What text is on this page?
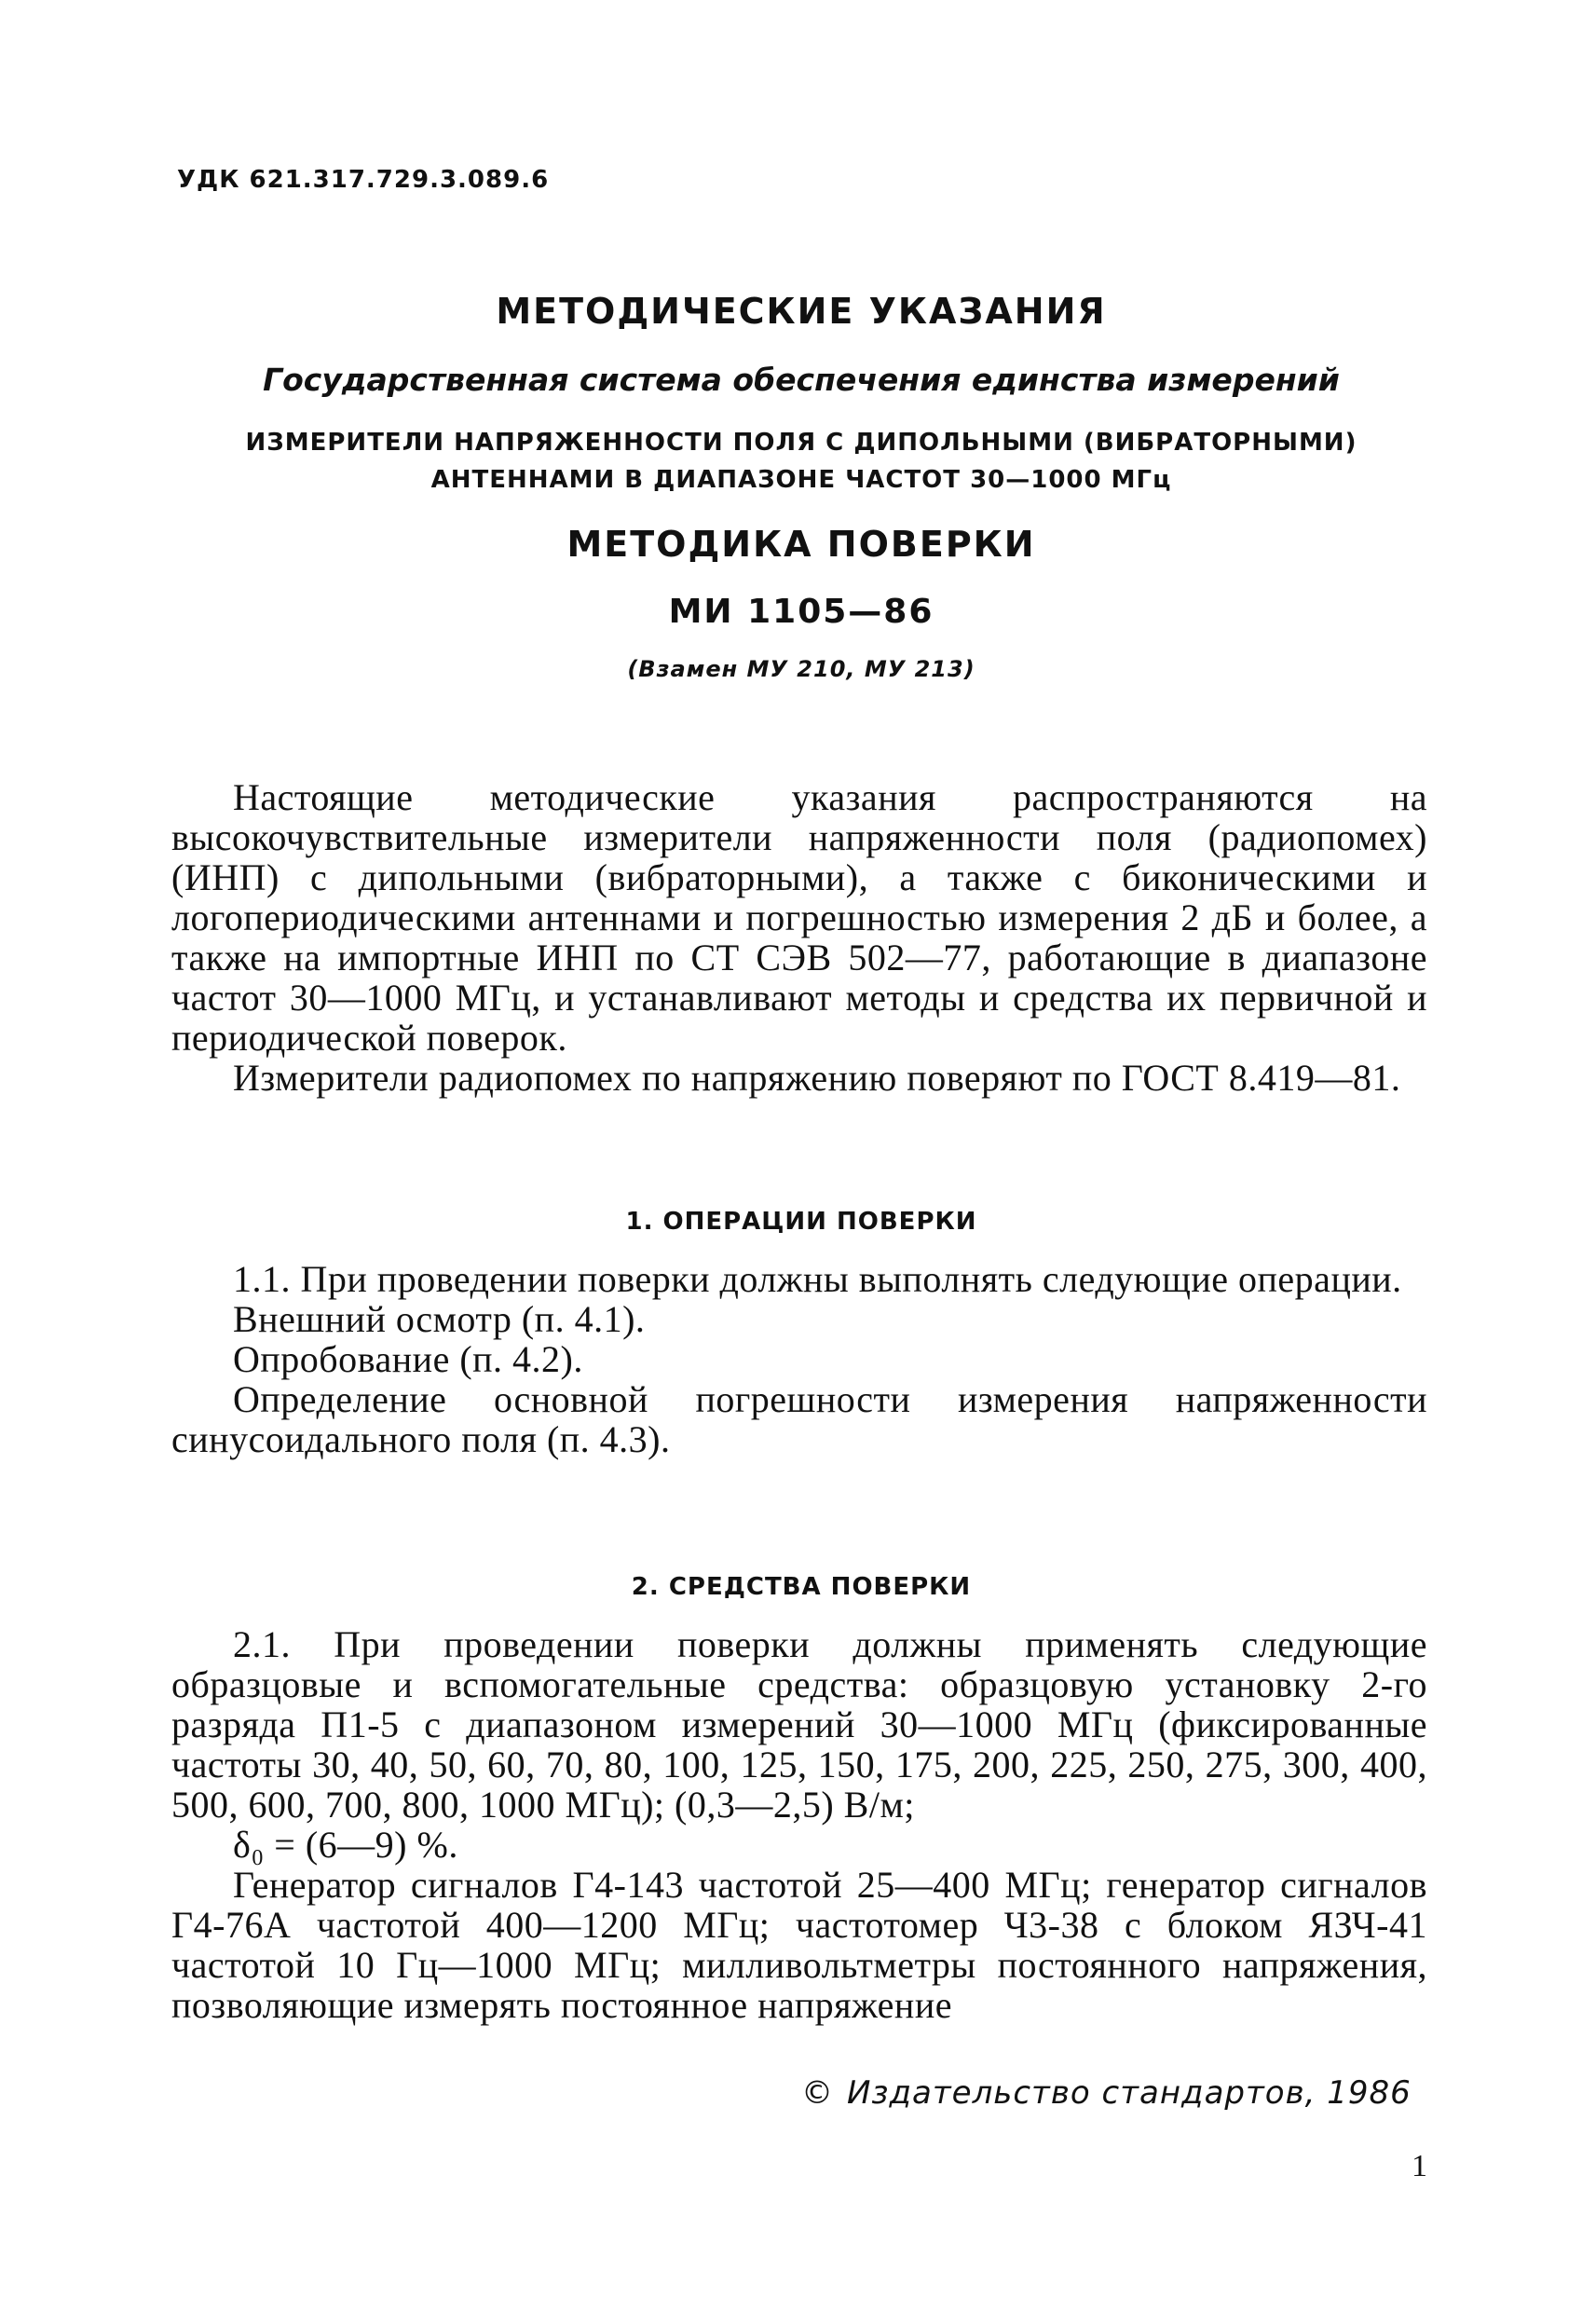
УДК 621.317.729.3.089.6
МЕТОДИЧЕСКИЕ УКАЗАНИЯ
Государственная система обеспечения единства измерений
ИЗМЕРИТЕЛИ НАПРЯЖЕННОСТИ ПОЛЯ С ДИПОЛЬНЫМИ (ВИБРАТОРНЫМИ)
АНТЕННАМИ В ДИАПАЗОНЕ ЧАСТОТ 30—1000 МГц
МЕТОДИКА ПОВЕРКИ
МИ 1105—86
(Взамен МУ 210, МУ 213)

Настоящие методические указания распространяются на высокочувствительные измерители напряженности поля (радиопомех) (ИНП) с дипольными (вибраторными), а также с биконическими и логопериодическими антеннами и погрешностью измерения 2 дБ и более, а также на импортные ИНП по СТ СЭВ 502—77, работающие в диапазоне частот 30—1000 МГц, и устанавливают методы и средства их первичной и периодической поверок.

Измерители радиопомех по напряжению поверяют по ГОСТ 8.419—81.

1. ОПЕРАЦИИ ПОВЕРКИ

1.1. При проведении поверки должны выполнять следующие операции.

Внешний осмотр (п. 4.1).

Опробование (п. 4.2).

Определение основной погрешности измерения напряженности синусоидального поля (п. 4.3).

2. СРЕДСТВА ПОВЕРКИ

2.1. При проведении поверки должны применять следующие образцовые и вспомогательные средства: образцовую установку 2-го разряда П1-5 с диапазоном измерений 30—1000 МГц (фиксированные частоты 30, 40, 50, 60, 70, 80, 100, 125, 150, 175, 200, 225, 250, 275, 300, 400, 500, 600, 700, 800, 1000 МГц); (0,3—2,5) В/м;

δ₀ = (6—9) %.

Генератор сигналов Г4-143 частотой 25—400 МГц; генератор сигналов Г4-76А частотой 400—1200 МГц; частотомер Ч3-38 с блоком ЯЗЧ-41 частотой 10 Гц—1000 МГц; милливольтметры постоянного напряжения, позволяющие измерять постоянное напряжение

© Издательство стандартов, 1986
1
